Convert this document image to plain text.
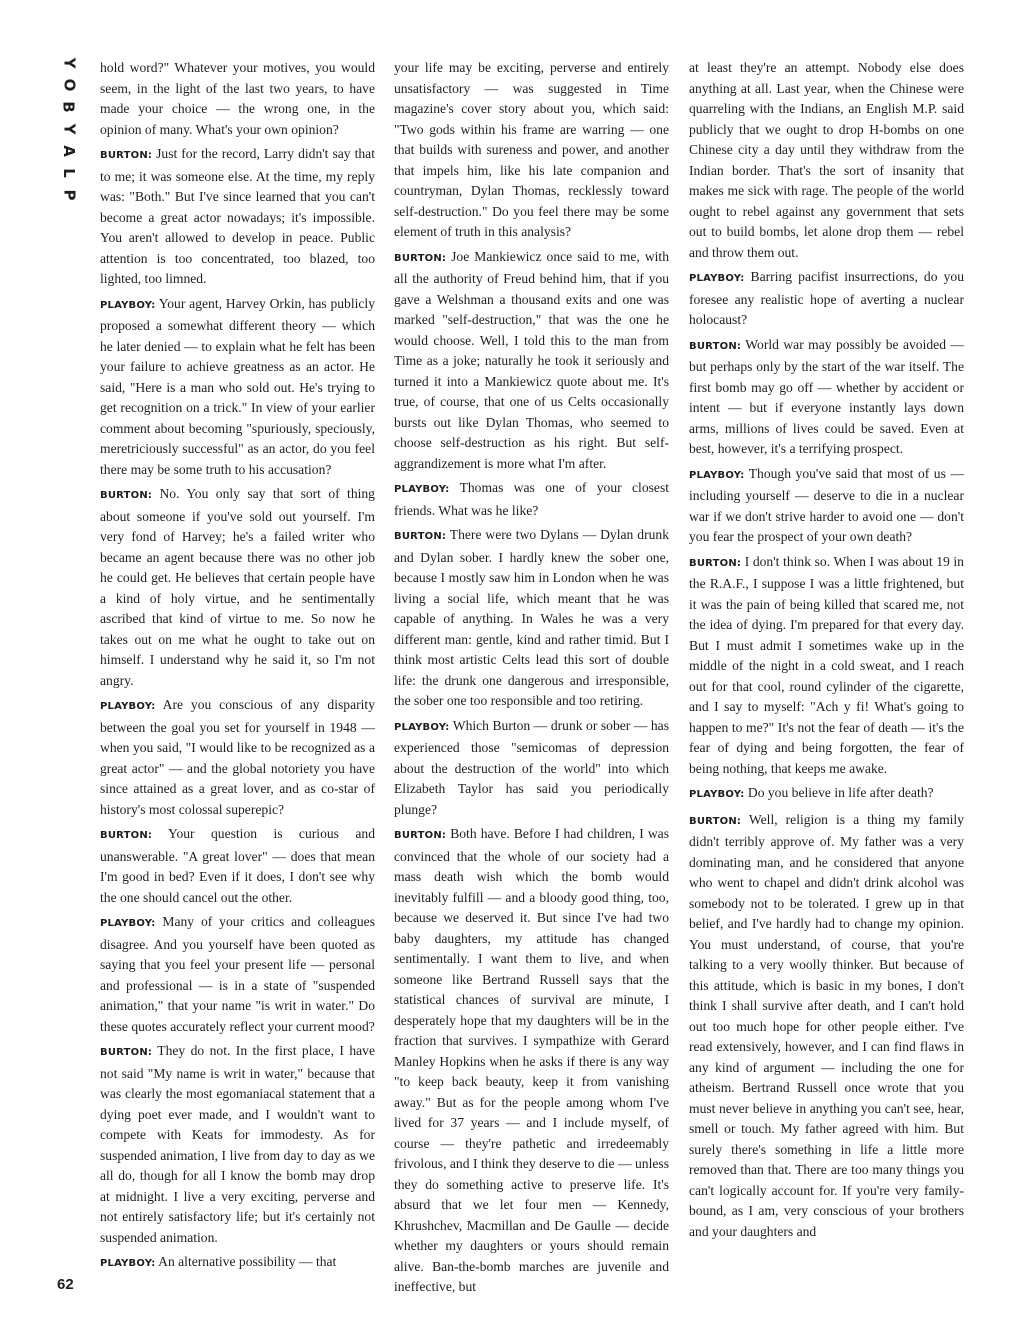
Y
O
B
Y
A
L
P
62

hold word?" Whatever your motives, you would seem, in the light of the last two years, to have made your choice — the wrong one, in the opinion of many. What's your own opinion?

BURTON: Just for the record, Larry didn't say that to me; it was someone else. At the time, my reply was: "Both." But I've since learned that you can't become a great actor nowadays; it's impossible. You aren't allowed to develop in peace. Public attention is too concentrated, too blazed, too lighted, too limned.

PLAYBOY: Your agent, Harvey Orkin, has publicly proposed a somewhat different theory — which he later denied — to explain what he felt has been your failure to achieve greatness as an actor. He said, "Here is a man who sold out. He's trying to get recognition on a trick." In view of your earlier comment about becoming "spuriously, speciously, meretriciously successful" as an actor, do you feel there may be some truth to his accusation?

BURTON: No. You only say that sort of thing about someone if you've sold out yourself. I'm very fond of Harvey; he's a failed writer who became an agent because there was no other job he could get. He believes that certain people have a kind of holy virtue, and he sentimentally ascribed that kind of virtue to me. So now he takes out on me what he ought to take out on himself. I understand why he said it, so I'm not angry.

PLAYBOY: Are you conscious of any disparity between the goal you set for yourself in 1948 — when you said, "I would like to be recognized as a great actor" — and the global notoriety you have since attained as a great lover, and as co-star of history's most colossal superepic?

BURTON: Your question is curious and unanswerable. "A great lover" — does that mean I'm good in bed? Even if it does, I don't see why the one should cancel out the other.

PLAYBOY: Many of your critics and colleagues disagree. And you yourself have been quoted as saying that you feel your present life — personal and professional — is in a state of "suspended animation," that your name "is writ in water." Do these quotes accurately reflect your current mood?

BURTON: They do not. In the first place, I have not said "My name is writ in water," because that was clearly the most egomaniacal statement that a dying poet ever made, and I wouldn't want to compete with Keats for immodesty. As for suspended animation, I live from day to day as we all do, though for all I know the bomb may drop at midnight. I live a very exciting, perverse and not entirely satisfactory life; but it's certainly not suspended animation.

PLAYBOY: An alternative possibility — that

your life may be exciting, perverse and entirely unsatisfactory — was suggested in Time magazine's cover story about you, which said: "Two gods within his frame are warring — one that builds with sureness and power, and another that impels him, like his late companion and countryman, Dylan Thomas, recklessly toward self-destruction." Do you feel there may be some element of truth in this analysis?

BURTON: Joe Mankiewicz once said to me, with all the authority of Freud behind him, that if you gave a Welshman a thousand exits and one was marked "self-destruction," that was the one he would choose. Well, I told this to the man from Time as a joke; naturally he took it seriously and turned it into a Mankiewicz quote about me. It's true, of course, that one of us Celts occasionally bursts out like Dylan Thomas, who seemed to choose self-destruction as his right. But self-aggrandizement is more what I'm after.

PLAYBOY: Thomas was one of your closest friends. What was he like?

BURTON: There were two Dylans — Dylan drunk and Dylan sober. I hardly knew the sober one, because I mostly saw him in London when he was living a social life, which meant that he was capable of anything. In Wales he was a very different man: gentle, kind and rather timid. But I think most artistic Celts lead this sort of double life: the drunk one dangerous and irresponsible, the sober one too responsible and too retiring.

PLAYBOY: Which Burton — drunk or sober — has experienced those "semicomas of depression about the destruction of the world" into which Elizabeth Taylor has said you periodically plunge?

BURTON: Both have. Before I had children, I was convinced that the whole of our society had a mass death wish which the bomb would inevitably fulfill — and a bloody good thing, too, because we deserved it. But since I've had two baby daughters, my attitude has changed sentimentally. I want them to live, and when someone like Bertrand Russell says that the statistical chances of survival are minute, I desperately hope that my daughters will be in the fraction that survives. I sympathize with Gerard Manley Hopkins when he asks if there is any way "to keep back beauty, keep it from vanishing away." But as for the people among whom I've lived for 37 years — and I include myself, of course — they're pathetic and irredeemably frivolous, and I think they deserve to die — unless they do something active to preserve life. It's absurd that we let four men — Kennedy, Khrushchev, Macmillan and De Gaulle — decide whether my daughters or yours should remain alive. Ban-the-bomb marches are juvenile and ineffective, but

at least they're an attempt. Nobody else does anything at all. Last year, when the Chinese were quarreling with the Indians, an English M.P. said publicly that we ought to drop H-bombs on one Chinese city a day until they withdraw from the Indian border. That's the sort of insanity that makes me sick with rage. The people of the world ought to rebel against any government that sets out to build bombs, let alone drop them — rebel and throw them out.

PLAYBOY: Barring pacifist insurrections, do you foresee any realistic hope of averting a nuclear holocaust?

BURTON: World war may possibly be avoided — but perhaps only by the start of the war itself. The first bomb may go off — whether by accident or intent — but if everyone instantly lays down arms, millions of lives could be saved. Even at best, however, it's a terrifying prospect.

PLAYBOY: Though you've said that most of us — including yourself — deserve to die in a nuclear war if we don't strive harder to avoid one — don't you fear the prospect of your own death?

BURTON: I don't think so. When I was about 19 in the R.A.F., I suppose I was a little frightened, but it was the pain of being killed that scared me, not the idea of dying. I'm prepared for that every day. But I must admit I sometimes wake up in the middle of the night in a cold sweat, and I reach out for that cool, round cylinder of the cigarette, and I say to myself: "Ach y fi! What's going to happen to me?" It's not the fear of death — it's the fear of dying and being forgotten, the fear of being nothing, that keeps me awake.

PLAYBOY: Do you believe in life after death?

BURTON: Well, religion is a thing my family didn't terribly approve of. My father was a very dominating man, and he considered that anyone who went to chapel and didn't drink alcohol was somebody not to be tolerated. I grew up in that belief, and I've hardly had to change my opinion. You must understand, of course, that you're talking to a very woolly thinker. But because of this attitude, which is basic in my bones, I don't think I shall survive after death, and I can't hold out too much hope for other people either. I've read extensively, however, and I can find flaws in any kind of argument — including the one for atheism. Bertrand Russell once wrote that you must never believe in anything you can't see, hear, smell or touch. My father agreed with him. But surely there's something in life a little more removed than that. There are too many things you can't logically account for. If you're very family-bound, as I am, very conscious of your brothers and your daughters and
